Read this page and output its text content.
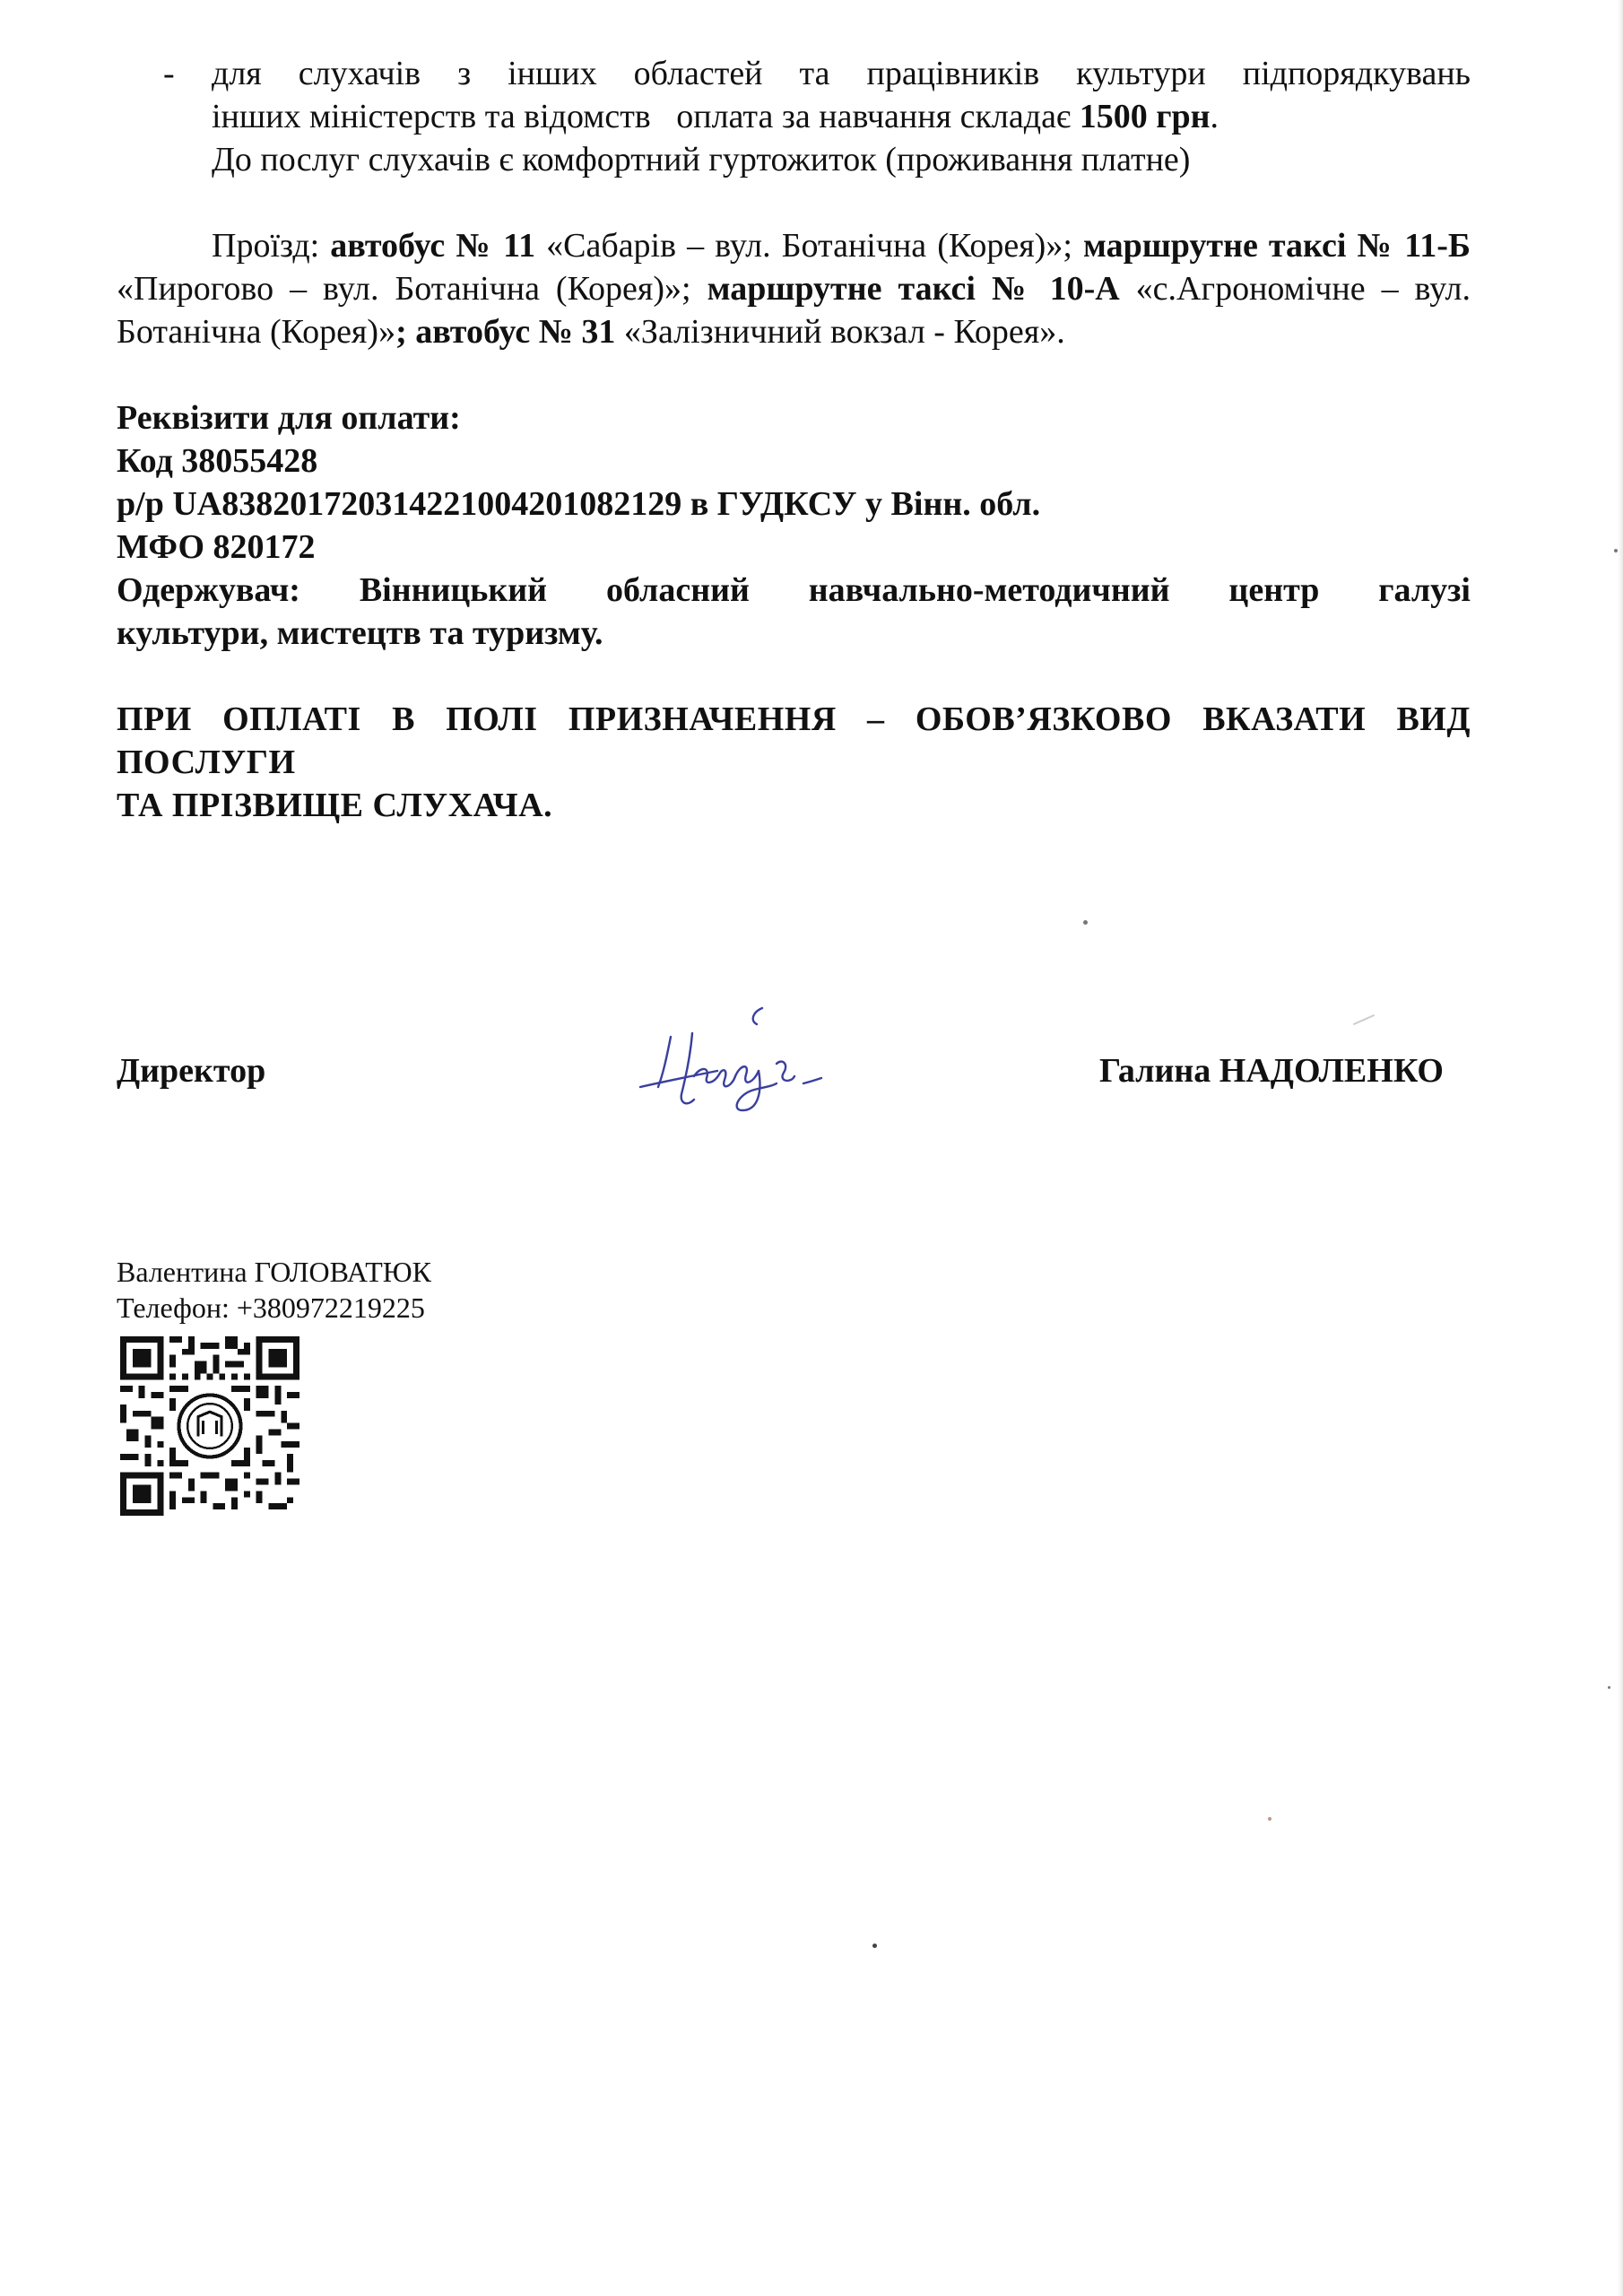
- для слухачів з інших областей та працівників культури підпорядкувань
інших міністерств та відомств   оплата за навчання складає 1500 грн.
До послуг слухачів є комфортний гуртожиток (проживання платне)
Проїзд: автобус № 11 «Сабарів – вул. Ботанічна (Корея)»; маршрутне таксі № 11-Б «Пирогово – вул. Ботанічна (Корея)»; маршрутне таксі № 10-А «с.Агрономічне – вул. Ботанічна (Корея)»; автобус № 31 «Залізничний вокзал - Корея».
Реквізити для оплати:
Код 38055428
р/р UA838201720314221004201082129 в ГУДКСУ у Вінн. обл.
МФО 820172
Одержувач: Вінницький обласний навчально-методичний центр галузі
культури, мистецтв та туризму.
ПРИ ОПЛАТІ В ПОЛІ ПРИЗНАЧЕННЯ – ОБОВ’ЯЗКОВО ВКАЗАТИ ВИД ПОСЛУГИ
ТА ПРІЗВИЩЕ СЛУХАЧА.
Директор	Галина НАДОЛЕНКО
Валентина ГОЛОВАТЮК
Телефон: +380972219225
